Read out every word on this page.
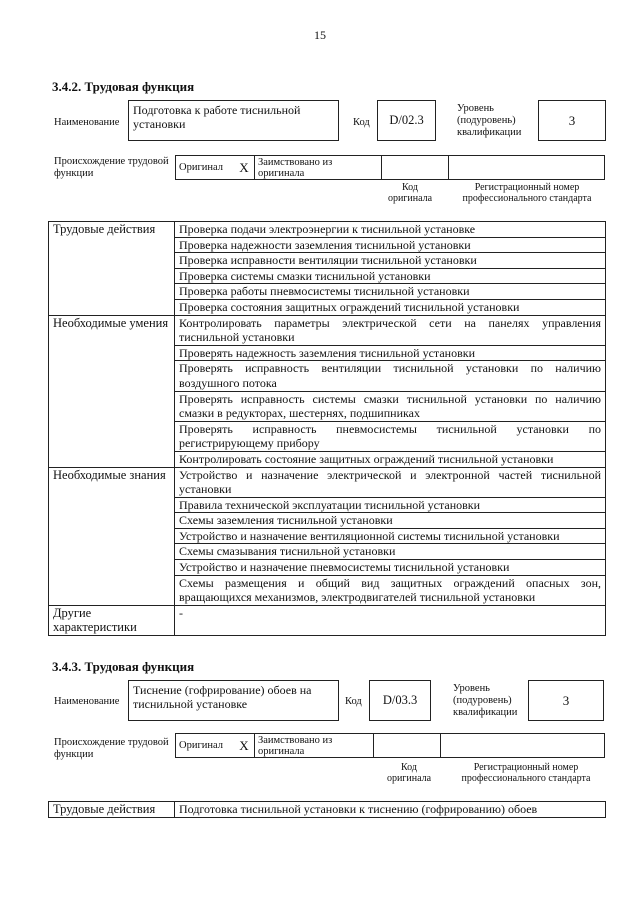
15
3.4.2. Трудовая функция
Наименование
Подготовка к работе тиснильной установки	Код D/02.3
Уровень (подуровень) квалификации
3
Происхождение трудовой функции
Оригинал	X	Заимствовано из оригинала		
Код оригинала
Регистрационный номер профессионального стандарта
Трудовые действия	Проверка подачи электроэнергии к тиснильной установке
	Проверка надежности заземления тиснильной установки
	Проверка исправности вентиляции тиснильной установки
	Проверка системы смазки тиснильной установки
	Проверка работы пневмосистемы тиснильной установки
	Проверка состояния защитных ограждений тиснильной установки
Необходимые умения	Контролировать параметры электрической сети на панелях управления тиснильной установки
	Проверять надежность заземления тиснильной установки
	Проверять исправность вентиляции тиснильной установки по наличию воздушного потока
	Проверять исправность системы смазки тиснильной установки по наличию смазки в редукторах, шестернях, подшипниках
	Проверять исправность пневмосистемы тиснильной установки по регистрирующему прибору
	Контролировать состояние защитных ограждений тиснильной установки
Необходимые знания	Устройство и назначение электрической и электронной частей тиснильной установки
	Правила технической эксплуатации тиснильной установки
	Схемы заземления тиснильной установки
	Устройство и назначение вентиляционной системы тиснильной установки
	Схемы смазывания тиснильной установки
	Устройство и назначение пневмосистемы тиснильной установки
	Схемы размещения и общий вид защитных ограждений опасных зон, вращающихся механизмов, электродвигателей тиснильной установки
Другие характеристики	-
3.4.3. Трудовая функция
Наименование
Тиснение (гофрирование) обоев на тиснильной установке	Код D/03.3
Уровень (подуровень) квалификации
3
Происхождение трудовой функции
Оригинал	X	Заимствовано из оригинала		
Код оригинала
Регистрационный номер профессионального стандарта
Трудовые действия	Подготовка тиснильной установки к тиснению (гофрированию) обоев
